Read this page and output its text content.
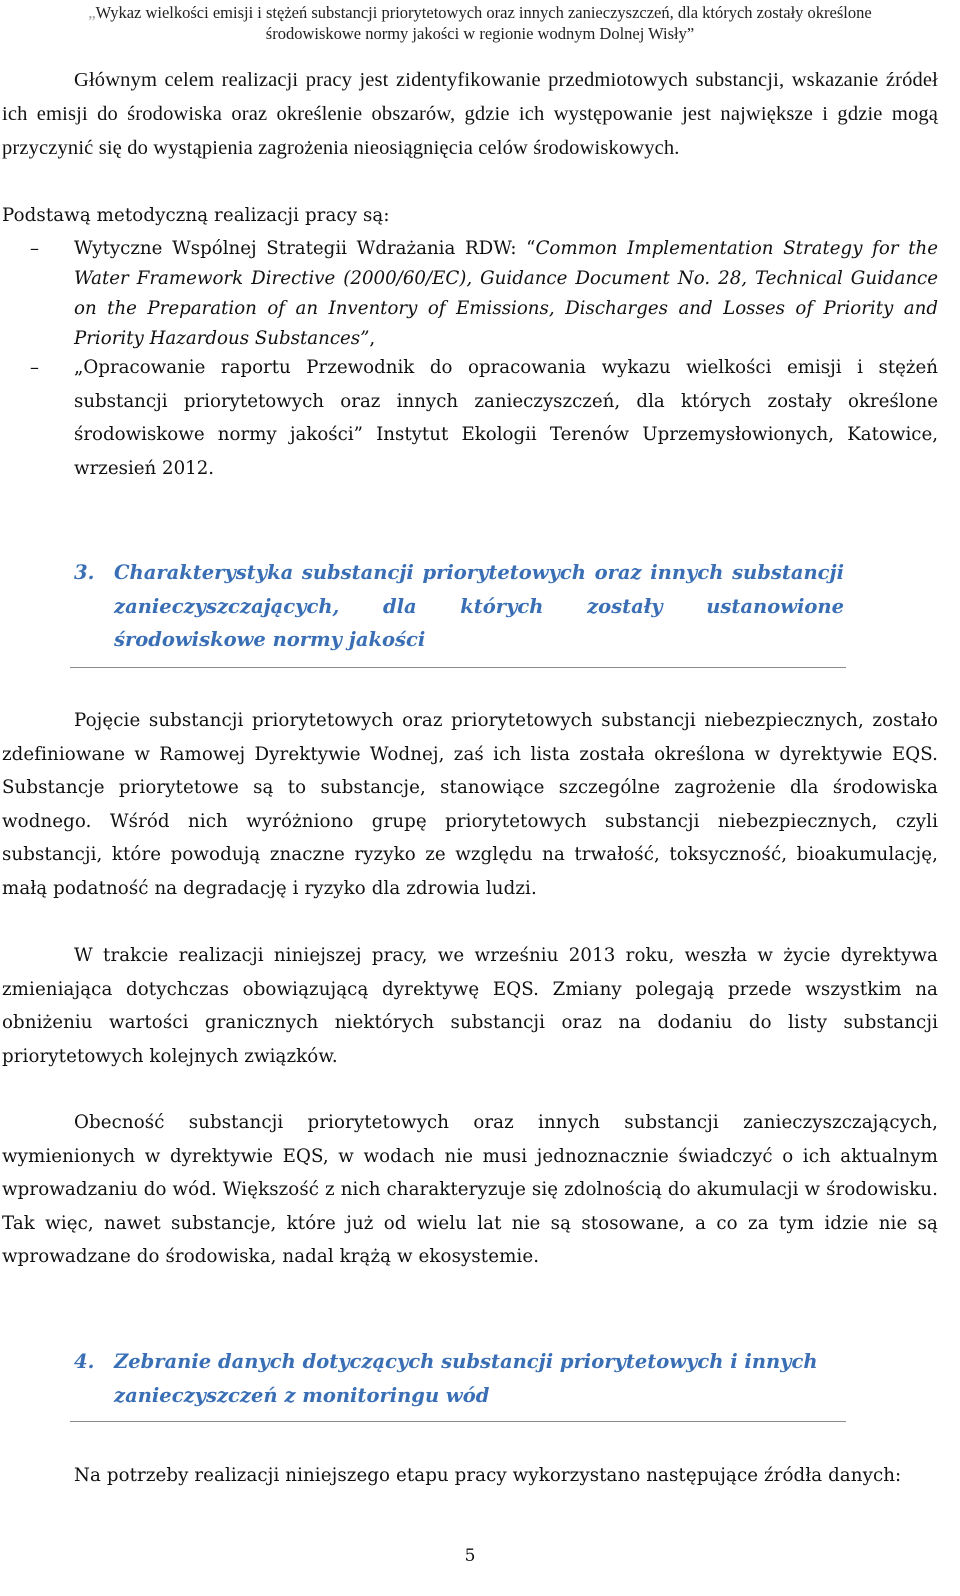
„Wykaz wielkości emisji i stężeń substancji priorytetowych oraz innych zanieczyszczeń, dla których zostały określone
środowiskowe normy jakości w regionie wodnym Dolnej Wisły”
Głównym celem realizacji pracy jest zidentyfikowanie przedmiotowych substancji, wskazanie źródeł ich emisji do środowiska oraz określenie obszarów, gdzie ich występowanie jest największe i gdzie mogą przyczynić się do wystąpienia zagrożenia nieosiągnięcia celów środowiskowych.
Podstawą metodyczną realizacji pracy są:
– Wytyczne Wspólnej Strategii Wdrażania RDW: “Common Implementation Strategy for the Water Framework Directive (2000/60/EC), Guidance Document No. 28, Technical Guidance on the Preparation of an Inventory of Emissions, Discharges and Losses of Priority and Priority Hazardous Substances”,
– „Opracowanie raportu Przewodnik do opracowania wykazu wielkości emisji i stężeń substancji priorytetowych oraz innych zanieczyszczeń, dla których zostały określone środowiskowe normy jakości” Instytut Ekologii Terenów Uprzemysłowionych, Katowice, wrzesień 2012.
3. Charakterystyka substancji priorytetowych oraz innych substancji zanieczyszczających, dla których zostały ustanowione środowiskowe normy jakości
Pojęcie substancji priorytetowych oraz priorytetowych substancji niebezpiecznych, zostało zdefiniowane w Ramowej Dyrektywie Wodnej, zaś ich lista została określona w dyrektywie EQS. Substancje priorytetowe są to substancje, stanowiące szczególne zagrożenie dla środowiska wodnego. Wśród nich wyróżniono grupę priorytetowych substancji niebezpiecznych, czyli substancji, które powodują znaczne ryzyko ze względu na trwałość, toksyczność, bioakumulację, małą podatność na degradację i ryzyko dla zdrowia ludzi.
W trakcie realizacji niniejszej pracy, we wrześniu 2013 roku, weszła w życie dyrektywa zmieniająca dotychczas obowiązującą dyrektywę EQS. Zmiany polegają przede wszystkim na obniżeniu wartości granicznych niektórych substancji oraz na dodaniu do listy substancji priorytetowych kolejnych związków.
Obecność substancji priorytetowych oraz innych substancji zanieczyszczających, wymienionych w dyrektywie EQS, w wodach nie musi jednoznacznie świadczyć o ich aktualnym wprowadzaniu do wód. Większość z nich charakteryzuje się zdolnością do akumulacji w środowisku. Tak więc, nawet substancje, które już od wielu lat nie są stosowane, a co za tym idzie nie są wprowadzane do środowiska, nadal krążą w ekosystemie.
4. Zebranie danych dotyczących substancji priorytetowych i innych zanieczyszczeń z monitoringu wód
Na potrzeby realizacji niniejszego etapu pracy wykorzystano następujące źródła danych:
5
